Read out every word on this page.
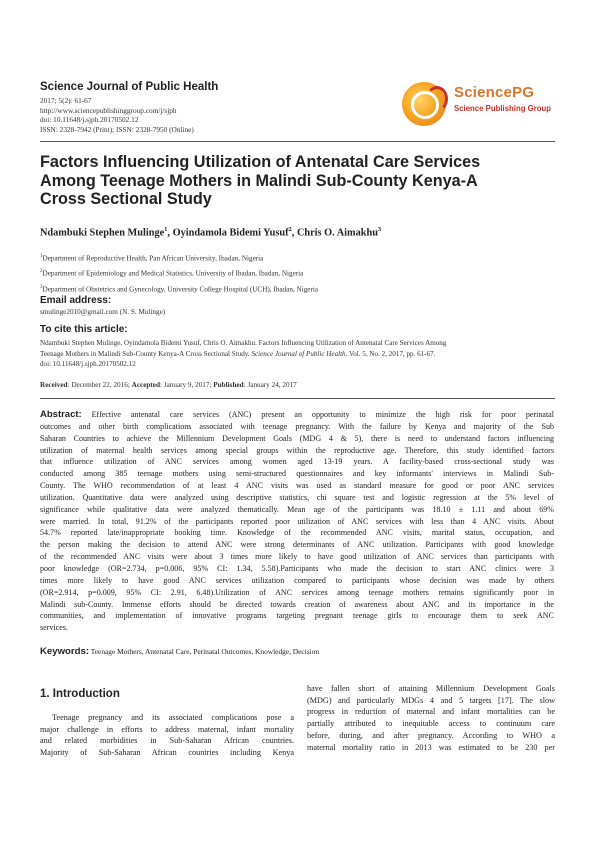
Science Journal of Public Health
2017; 5(2): 61-67
http://www.sciencepublishinggroup.com/j/sjph
doi: 10.11648/j.sjph.20170502.12
ISSN: 2328-7942 (Print); ISSN: 2328-7950 (Online)
SciencePG
Science Publishing Group
Factors Influencing Utilization of Antenatal Care Services
Among Teenage Mothers in Malindi Sub-County Kenya-A
Cross Sectional Study
Ndambuki Stephen Mulinge$^1$, Oyindamola Bidemi Yusuf$^2$, Chris O. Aimakhu$^3$
$^1$Department of Reproductive Health, Pan African University, Ibadan, Nigeria
$^2$Department of Epidemiology and Medical Statistics, University of Ibadan, Ibadan, Nigeria
$^3$Department of Obstetrics and Gynecology, University College Hospital (UCH), Ibadan, Nigeria
Email address:
smulinge2010@gmail.com (N. S. Mulinge)
To cite this article:
Ndambuki Stephen Mulinge, Oyindamola Bidemi Yusuf, Chris O. Aimakhu. Factors Influencing Utilization of Antenatal Care Services Among
Teenage Mothers in Malindi Sub-County Kenya-A Cross Sectional Study. Science Journal of Public Health. Vol. 5, No. 2, 2017, pp. 61-67.
doi: 10.11648/j.sjph.20170502.12
Received: December 22, 2016; Accepted: January 9, 2017; Published: January 24, 2017
Abstract: Effective antenatal care services (ANC) present an opportunity to minimize the high risk for poor perinatal
outcomes and other birth complications associated with teenage pregnancy. With the failure by Kenya and majority of the Sub
Saharan Countries to achieve the Millennium Development Goals (MDG 4 & 5), there is need to understand factors influencing
utilization of maternal health services among special groups within the reproductive age. Therefore, this study identified factors
that influence utilization of ANC services among women aged 13-19 years. A facility-based cross-sectional study was
conducted among 385 teenage mothers using semi-structured questionnaires and key informants' interviews in Malindi Sub-
County. The WHO recommendation of at least 4 ANC visits was used as standard measure for good or poor ANC services
utilization. Quantitative data were analyzed using descriptive statistics, chi square test and logistic regression at the 5% level of
significance while qualitative data were analyzed thematically. Mean age of the participants was 18.10 ± 1.11 and about 69%
were married. In total, 91.2% of the participants reported poor utilization of ANC services with less than 4 ANC visits. About
54.7% reported late/inappropriate booking time. Knowledge of the recommended ANC visits, marital status, occupation, and
the person making the decision to attend ANC were strong determinants of ANC utilization. Participants with good knowledge
of the recommended ANC visits were about 3 times more likely to have good utilization of ANC services than participants with
poor knowledge (OR=2.734, p=0.006, 95% CI: 1.34, 5.58).Participants who made the decision to start ANC clinics were 3
times more likely to have good ANC services utilization compared to participants whose decision was made by others
(OR=2.914, p=0.009, 95% CI: 2.91, 6.48).Utilization of ANC services among teenage mothers remains significantly poor in
Malindi sub-County. Immense efforts should be directed towards creation of awareness about ANC and its importance in the
communities, and implementation of innovative programs targeting pregnant teenage girls to encourage them to seek ANC
services.
Keywords: Teenage Mothers, Antenatal Care, Perinatal Outcomes, Knowledge, Decision
1. Introduction
Teenage pregnancy and its associated complications pose a
major challenge in efforts to address maternal, infant mortality
and related morbidities in Sub-Saharan African countries.
Majority of Sub-Saharan African countries including Kenya
have fallen short of attaining Millennium Development Goals
(MDG) and particularly MDGs 4 and 5 targets [17]. The slow
progress in reduction of maternal and infant mortalities can be
partially attributed to inequitable access to continuum care
before, during, and after pregnancy. According to WHO a
maternal mortality ratio in 2013 was estimated to be 230 per
